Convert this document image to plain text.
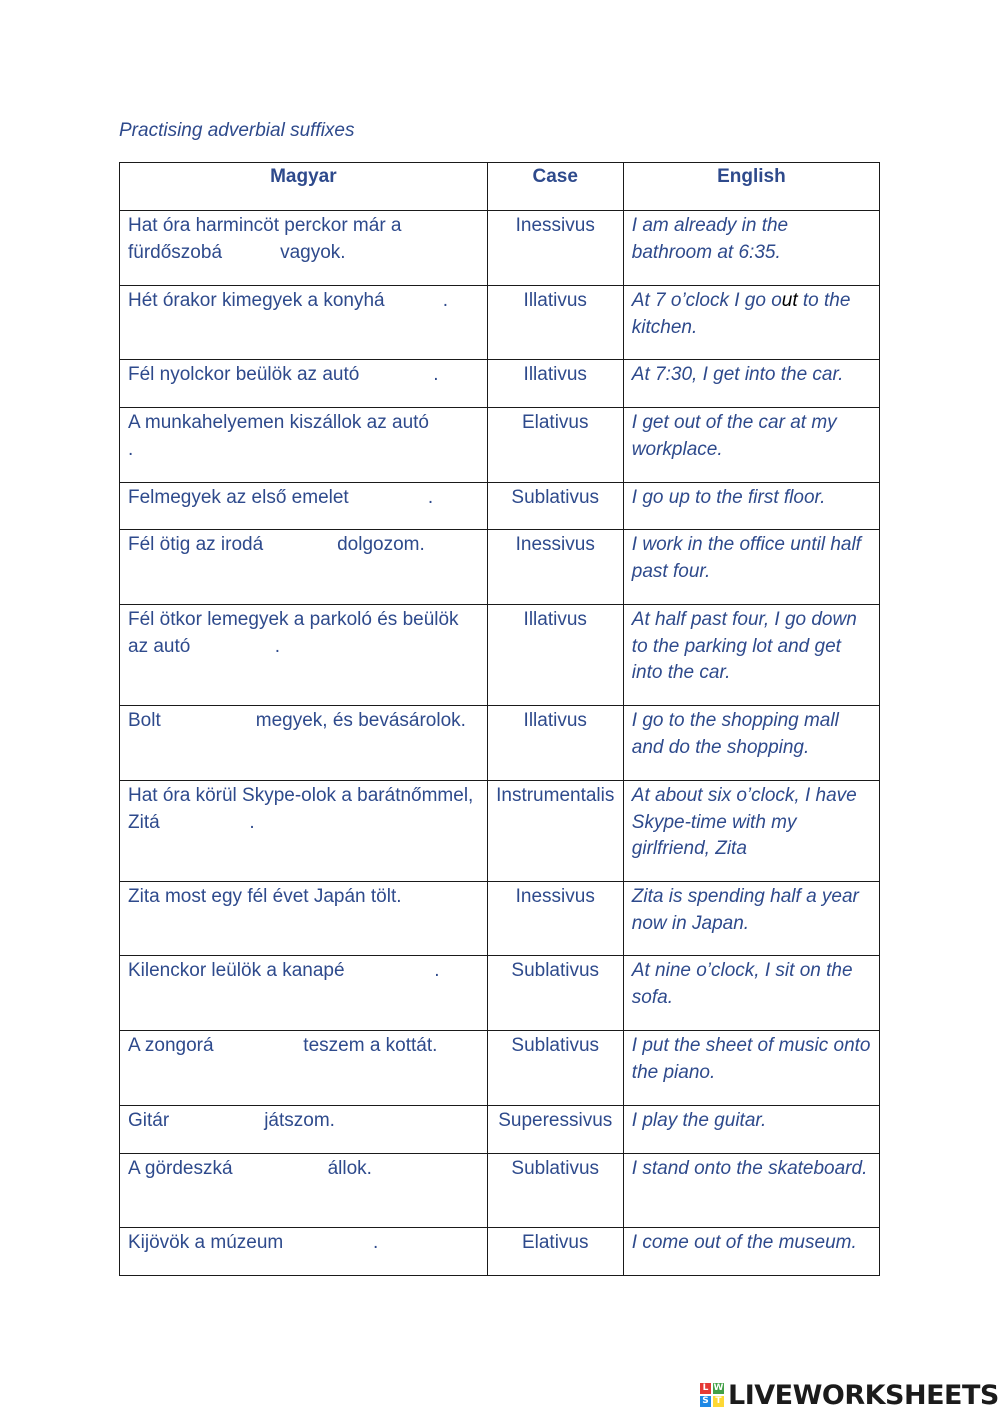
Practising adverbial suffixes
Magyar	Case	English
Hat óra harmincöt perckor már a fürdőszobá           vagyok.	Inessivus	I am already in the bathroom at 6:35.
Hét órakor kimegyek a konyhá           .	Illativus	At 7 o’clock I go out to the kitchen.
Fél nyolckor beülök az autó              .	Illativus	At 7:30, I get into the car.
A munkahelyemen kiszállok az autó                .	Elativus	I get out of the car at my workplace.
Felmegyek az első emelet               .	Sublativus	I go up to the first floor.
Fél ötig az irodá              dolgozom.	Inessivus	I work in the office until half past four.
Fél ötkor lemegyek a parkoló és beülök az autó                .	Illativus	At half past four, I go down to the parking lot and get into the car.
Bolt                  megyek, és bevásárolok.	Illativus	I go to the shopping mall and do the shopping.
Hat óra körül Skype-olok a barátnőmmel, Zitá                 .	Instrumentalis	At about six o’clock, I have Skype-time with my girlfriend, Zita
Zita most egy fél évet Japán tölt.	Inessivus	Zita is spending half a year now in Japan.
Kilenckor leülök a kanapé                 .	Sublativus	At nine o’clock, I sit on the sofa.
A zongorá                 teszem a kottát.	Sublativus	I put the sheet of music onto the piano.
Gitár                  játszom.	Superessivus	I play the guitar.
A gördeszká                  állok.	Sublativus	I stand onto the skateboard.
Kijövök a múzeum                 .	Elativus	I come out of the museum.
L W
S T LIVEWORKSHEETS
